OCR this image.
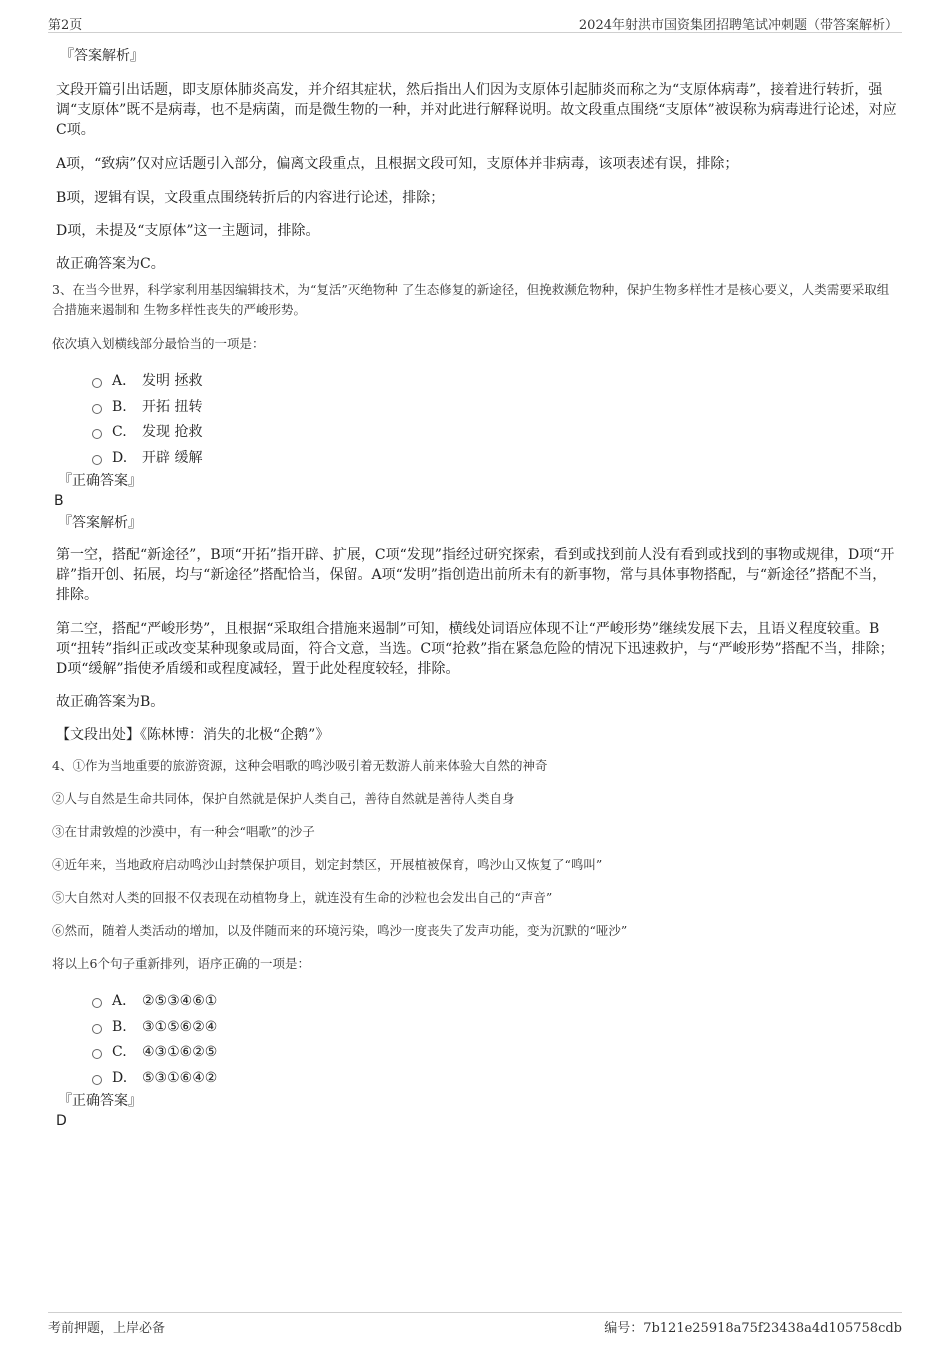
第2页	2024年射洪市国资集团招聘笔试冲刺题（带答案解析）

『答案解析』

文段开篇引出话题，即支原体肺炎高发，并介绍其症状，然后指出人们因为支原体引起肺炎而称之为“支原体病毒”，接着进行转折，强调“支原体”既不是病毒，也不是病菌，而是微生物的一种，并对此进行解释说明。故文段重点围绕“支原体”被误称为病毒进行论述，对应C项。

A项，“致病”仅对应话题引入部分，偏离文段重点，且根据文段可知，支原体并非病毒，该项表述有误，排除；

B项，逻辑有误，文段重点围绕转折后的内容进行论述，排除；

D项，未提及“支原体”这一主题词，排除。

故正确答案为C。

3、在当今世界，科学家利用基因编辑技术，为“复活”灭绝物种 了生态修复的新途径，但挽救濒危物种，保护生物多样性才是核心要义，人类需要采取组合措施来遏制和 生物多样性丧失的严峻形势。

依次填入划横线部分最恰当的一项是：

A． 发明 拯救
B. 开拓 扭转
C. 发现 抢救
D. 开辟 缓解

『正确答案』

B

『答案解析』

第一空，搭配“新途径”，B项“开拓”指开辟、扩展，C项“发现”指经过研究探索，看到或找到前人没有看到或找到的事物或规律，D项“开辟”指开创、拓展，均与“新途径”搭配恰当，保留。A项“发明”指创造出前所未有的新事物，常与具体事物搭配，与“新途径”搭配不当，排除。

第二空，搭配“严峻形势”，且根据“采取组合措施来遏制”可知，横线处词语应体现不让“严峻形势”继续发展下去，且语义程度较重。B项“扭转”指纠正或改变某种现象或局面，符合文意，当选。C项“抢救”指在紧急危险的情况下迅速救护，与“严峻形势”搭配不当，排除；D项“缓解”指使矛盾缓和或程度减轻，置于此处程度较轻，排除。

故正确答案为B。

【文段出处】《陈林博：消失的北极“企鹅”》

4、①作为当地重要的旅游资源，这种会唱歌的鸣沙吸引着无数游人前来体验大自然的神奇

②人与自然是生命共同体，保护自然就是保护人类自己，善待自然就是善待人类自身

③在甘肃敦煌的沙漠中，有一种会“唱歌”的沙子

④近年来，当地政府启动鸣沙山封禁保护项目，划定封禁区，开展植被保育，鸣沙山又恢复了“鸣叫”

⑤大自然对人类的回报不仅表现在动植物身上，就连没有生命的沙粒也会发出自己的“声音”

⑥然而，随着人类活动的增加，以及伴随而来的环境污染，鸣沙一度丧失了发声功能，变为沉默的“哑沙”

将以上6个句子重新排列，语序正确的一项是：

A． ②⑤③④⑥①
B. ③①⑤⑥②④
C. ④③①⑥②⑤
D. ⑤③①⑥④②

『正确答案』

D

考前押题，上岸必备	编号：7b121e25918a75f23438a4d105758cdb
